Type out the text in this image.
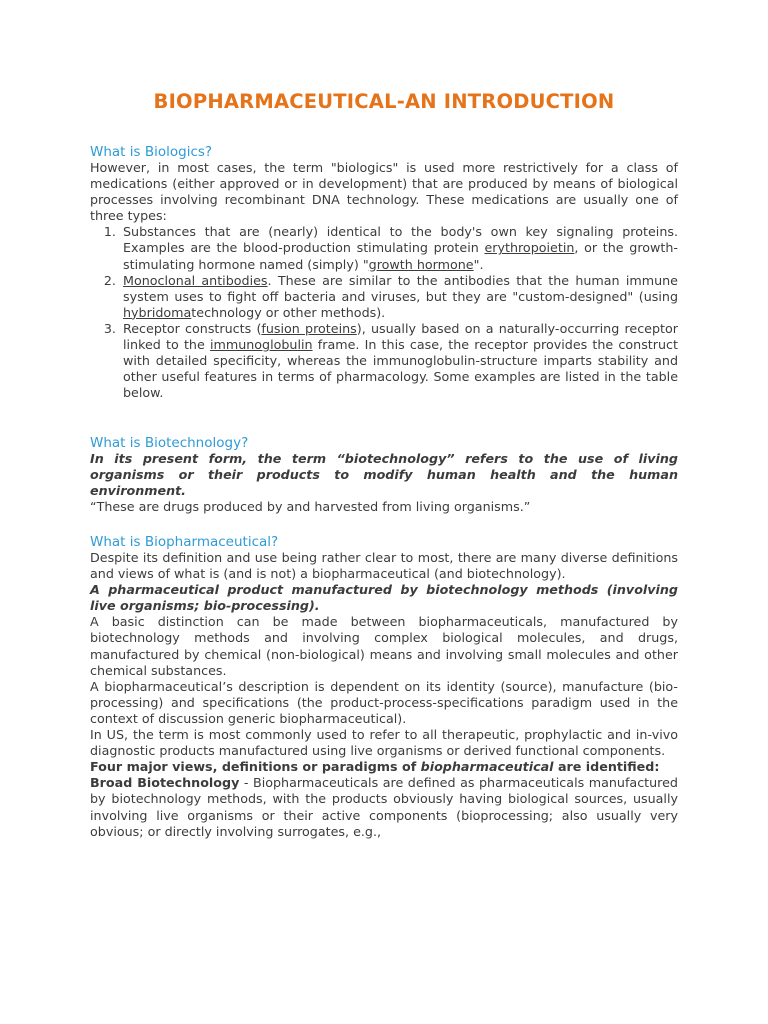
BIOPHARMACEUTICAL-AN INTRODUCTION
What is Biologics?

However, in most cases, the term "biologics" is used more restrictively for a class of medications (either approved or in development) that are produced by means of biological processes involving recombinant DNA technology. These medications are usually one of three types:

1. Substances that are (nearly) identical to the body's own key signaling proteins. Examples are the blood-production stimulating protein erythropoietin, or the growth-stimulating hormone named (simply) "growth hormone".
2. Monoclonal antibodies. These are similar to the antibodies that the human immune system uses to fight off bacteria and viruses, but they are "custom-designed" (using hybridomatechnology or other methods).
3. Receptor constructs (fusion proteins), usually based on a naturally-occurring receptor linked to the immunoglobulin frame. In this case, the receptor provides the construct with detailed specificity, whereas the immunoglobulin-structure imparts stability and other useful features in terms of pharmacology. Some examples are listed in the table below.
What is Biotechnology?

In its present form, the term “biotechnology” refers to the use of living organisms or their products to modify human health and the human environment.

“These are drugs produced by and harvested from living organisms.”

What is Biopharmaceutical?

Despite its definition and use being rather clear to most, there are many diverse definitions and views of what is (and is not) a biopharmaceutical (and biotechnology).

A pharmaceutical product manufactured by biotechnology methods (involving live organisms; bio-processing).

A basic distinction can be made between biopharmaceuticals, manufactured by biotechnology methods and involving complex biological molecules, and drugs, manufactured by chemical (non-biological) means and involving small molecules and other chemical substances.

A biopharmaceutical’s description is dependent on its identity (source), manufacture (bio-processing) and specifications (the product-process-specifications paradigm used in the context of discussion generic biopharmaceutical).

In US, the term is most commonly used to refer to all therapeutic, prophylactic and in-vivo diagnostic products manufactured using live organisms or derived functional components.

Four major views, definitions or paradigms of biopharmaceutical are identified:

Broad Biotechnology - Biopharmaceuticals are defined as pharmaceuticals manufactured by biotechnology methods, with the products obviously having biological sources, usually involving live organisms or their active components (bioprocessing; also usually very obvious; or directly involving surrogates, e.g.,
